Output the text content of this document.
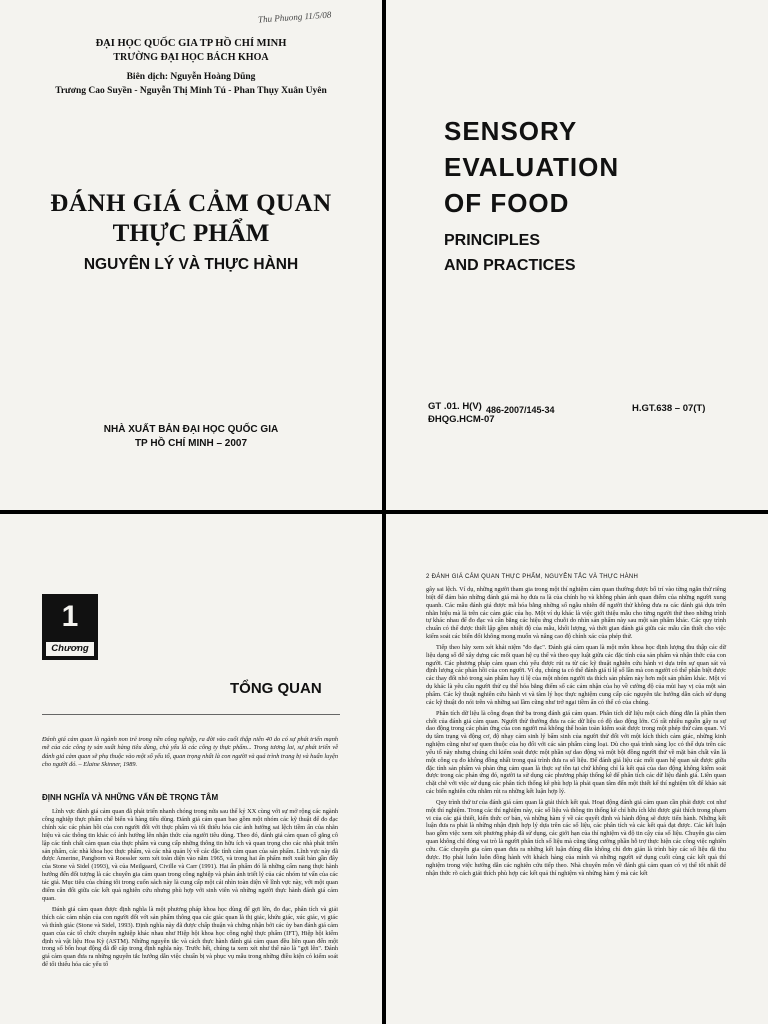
Thu Phuong 11/5/08
ĐẠI HỌC QUỐC GIA TP HỒ CHÍ MINH
TRƯỜNG ĐẠI HỌC BÁCH KHOA
Biên dịch: Nguyễn Hoàng Dũng
Trương Cao Suyền - Nguyễn Thị Minh Tú - Phan Thụy Xuân Uyên
ĐÁNH GIÁ CẢM QUAN
THỰC PHẨM
NGUYÊN LÝ VÀ THỰC HÀNH
NHÀ XUẤT BẢN ĐẠI HỌC QUỐC GIA
TP HỒ CHÍ MINH – 2007
SENSORY
EVALUATION
OF FOOD
PRINCIPLES
AND PRACTICES
GT .01. H(V)
ĐHQG.HCM-07
486-2007/145-34	H.GT.638 – 07(T)
1
Chương
TỔNG QUAN
Đánh giá cảm quan là ngành non trẻ trong nền công nghiệp, ra đời vào cuối thập niên 40 do có sự phát triển mạnh mẽ của các công ty sản xuất hàng tiêu dùng, chủ yếu là các công ty thực phẩm... Trong tương lai, sự phát triển về đánh giá cảm quan sẽ phụ thuộc vào một số yếu tố, quan trọng nhất là con người và quá trình trang bị và huấn luyện cho người đó. – Elaine Skinner, 1989.
ĐỊNH NGHĨA VÀ NHỮNG VẤN ĐỀ TRỌNG TÂM

Lĩnh vực đánh giá cảm quan đã phát triển nhanh chóng trong nửa sau thế kỷ XX cùng với sự mở rộng các ngành công nghiệp thực phẩm chế biến và hàng tiêu dùng. Đánh giá cảm quan bao gồm một nhóm các kỹ thuật để đo đạc chính xác các phản hồi của con người đối với thực phẩm và tối thiểu hóa các ảnh hưởng sai lệch tiềm ẩn của nhãn hiệu và các thông tin khác có ảnh hưởng lên nhận thức của người tiêu dùng. Theo đó, đánh giá cảm quan cố gắng cô lập các tính chất cảm quan của thực phẩm và cung cấp những thông tin hữu ích và quan trọng cho các nhà phát triển sản phẩm, các nhà khoa học thực phẩm, và các nhà quản lý về các đặc tính cảm quan của sản phẩm. Lĩnh vực này đã được Amerine, Pangborn và Roessler xem xét toàn diện vào năm 1965, và trong hai ấn phẩm mới xuất bản gần đây của Stone và Sidel (1993), và của Meilgaard, Civille và Carr (1991). Hai ấn phẩm đó là những cẩm nang thực hành hướng đến đối tượng là các chuyên gia cảm quan trong công nghiệp và phản ánh triết lý của các nhóm tư vấn của các tác giả. Mục tiêu của chúng tôi trong cuốn sách này là cung cấp một cái nhìn toàn diện về lĩnh vực này, với một quan điểm cân đối giữa các kết quả nghiên cứu nhưng phù hợp với sinh viên và những người thực hành đánh giá cảm quan.

Đánh giá cảm quan được định nghĩa là một phương pháp khoa học dùng để gợi lên, đo đạc, phân tích và giải thích các cảm nhận của con người đối với sản phẩm thông qua các giác quan là thị giác, khứu giác, xúc giác, vị giác và thính giác (Stone và Sidel, 1993). Định nghĩa này đã được chấp thuận và chứng nhận bởi các ủy ban đánh giá cảm quan của các tổ chức chuyên nghiệp khác nhau như Hiệp hội khoa học công nghệ thực phẩm (IFT), Hiệp hội kiểm định và vật liệu Hoa Kỳ (ASTM). Những nguyên tắc và cách thực hành đánh giá cảm quan đều liên quan đến một trong số bốn hoạt động đã đề cập trong định nghĩa này. Trước hết, chúng ta xem xét như thế nào là "gợi lên". Đánh giá cảm quan đưa ra những nguyên tắc hướng dẫn việc chuẩn bị và phục vụ mẫu trong những điều kiện có kiểm soát để tối thiểu hóa các yếu tố

2 ĐÁNH GIÁ CẢM QUAN THỰC PHẨM, NGUYÊN TẮC VÀ THỰC HÀNH

gây sai lệch. Ví dụ, những người tham gia trong một thí nghiệm cảm quan thường được bố trí vào từng ngăn thử riêng biệt để đảm bảo những đánh giá mà họ đưa ra là của chính họ và không phản ánh quan điểm của những người xung quanh. Các mẫu đánh giá được mã hóa bằng những số ngẫu nhiên để người thử không đưa ra các đánh giá dựa trên nhãn hiệu mà là trên các cảm giác của họ. Một ví dụ khác là việc giới thiệu mẫu cho từng người thử theo những trình tự khác nhau để đo đạc và cân bằng các hiệu ứng chuỗi do nhìn sản phẩm này sau một sản phẩm khác. Các quy trình chuẩn có thể được thiết lập gồm nhiệt độ của mẫu, khối lượng, và thời gian đánh giá giữa các mẫu cần thiết cho việc kiểm soát các biến đổi không mong muốn và nâng cao độ chính xác của phép thử.

Tiếp theo hãy xem xét khái niệm "đo đạc". Đánh giá cảm quan là một môn khoa học định lượng thu thập các dữ liệu dạng số để xây dựng các mối quan hệ cụ thể và theo quy luật giữa các đặc tính của sản phẩm và nhận thức của con người. Các phương pháp cảm quan chủ yếu được rút ra từ các kỹ thuật nghiên cứu hành vi dựa trên sự quan sát và định lượng các phản hồi của con người. Ví dụ, chúng ta có thể đánh giá tỉ lệ số lần mà con người có thể phân biệt được các thay đổi nhỏ trong sản phẩm hay tỉ lệ của một nhóm người ưa thích sản phẩm này hơn một sản phẩm khác. Một ví dụ khác là yêu cầu người thử cụ thể hóa bằng điểm số các cảm nhận của họ về cường độ của mùi hay vị của một sản phẩm. Các kỹ thuật nghiên cứu hành vi và tâm lý học thực nghiệm cung cấp các nguyên tắc hướng dẫn cách sử dụng các kỹ thuật đo nói trên và những sai lầm cũng như trở ngại tiềm ẩn có thể có của chúng.

Phân tích dữ liệu là công đoạn thứ ba trong đánh giá cảm quan. Phân tích dữ liệu một cách đúng đắn là phần then chốt của đánh giá cảm quan. Người thử thường đưa ra các dữ liệu có độ dao động lớn. Có rất nhiều nguồn gây ra sự dao động trong các phản ứng của con người mà không thể hoàn toàn kiểm soát được trong một phép thử cảm quan. Ví dụ tâm trạng và động cơ, độ nhạy cảm sinh lý bẩm sinh của người thử đối với một kích thích cảm giác, những kinh nghiệm cũng như sự quen thuộc của họ đối với các sản phẩm cùng loại. Dù cho quá trình sàng lọc có thể dựa trên các yếu tố này nhưng chúng chỉ kiểm soát được một phần sự dao động và một bội đồng người thử về mặt bản chất vẫn là một công cụ đo không đồng nhất trong quá trình đưa ra số liệu. Để đánh giá liệu các mối quan hệ quan sát được giữa đặc tính sản phẩm và phản ứng cảm quan là thực sự tồn tại chứ không chỉ là kết quả của dao động không kiểm soát được trong các phản ứng đó, người ta sử dụng các phương pháp thống kê để phân tích các dữ liệu đánh giá. Liên quan chặt chẽ với việc sử dụng các phân tích thống kê phù hợp là phải quan tâm đến một thiết kế thí nghiệm tốt để khảo sát các biến nghiên cứu nhằm rút ra những kết luận hợp lý.

Quy trình thứ tư của đánh giá cảm quan là giải thích kết quả. Hoạt động đánh giá cảm quan cần phải được coi như một thí nghiệm. Trong các thí nghiệm này, các số liệu và thông tin thống kê chỉ hữu ích khi được giải thích trong phạm vi của các giả thiết, kiến thức cơ bản, và những hàm ý về các quyết định và hành động sẽ được tiến hành. Những kết luận đưa ra phải là những nhận định hợp lý dựa trên các số liệu, các phân tích và các kết quả đạt được. Các kết luận bao gồm việc xem xét phương pháp đã sử dụng, các giới hạn của thí nghiệm và độ tin cậy của số liệu. Chuyên gia cảm quan không chỉ đóng vai trò là người phân tích số liệu mà cũng tăng cường phần hỗ trợ thực hiện các công việc nghiên cứu. Các chuyên gia cảm quan đưa ra những kết luận đúng đắn không chỉ đơn giản là trình bày các số liệu đã thu được. Họ phải luôn luôn đồng hành với khách hàng của mình và những người sử dụng cuối cùng các kết quả thí nghiệm trong việc hướng dẫn các nghiên cứu tiếp theo. Nhà chuyên môn về đánh giá cảm quan có vị thế tốt nhất để nhận thức rõ cách giải thích phù hợp các kết quả thí nghiệm và những hàm ý mà các kết
